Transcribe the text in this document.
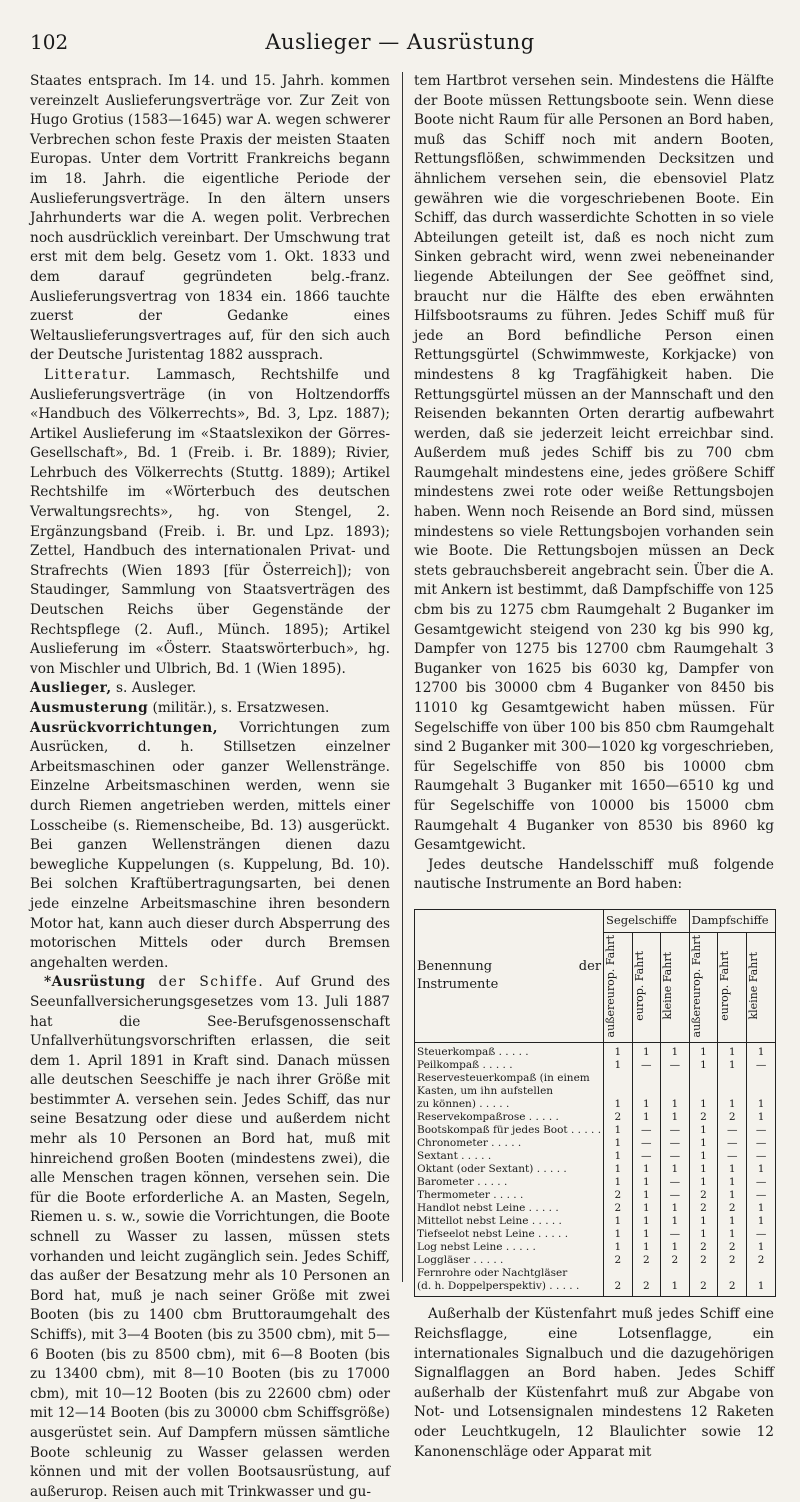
102	Auslieger — Ausrüstung

Staates entsprach. Im 14. und 15. Jahrh. kommen vereinzelt Auslieferungsverträge vor. Zur Zeit von Hugo Grotius (1583—1645) war A. wegen schwerer Verbrechen schon feste Praxis der meisten Staaten Europas. Unter dem Vortritt Frankreichs begann im 18. Jahrh. die eigentliche Periode der Auslieferungsverträge. In den ältern unsers Jahrhunderts war die A. wegen polit. Verbrechen noch ausdrücklich vereinbart. Der Umschwung trat erst mit dem belg. Gesetz vom 1. Okt. 1833 und dem darauf gegründeten belg.-franz. Auslieferungsvertrag von 1834 ein. 1866 tauchte zuerst der Gedanke eines Weltauslieferungsvertrages auf, für den sich auch der Deutsche Juristentag 1882 aussprach.

Litteratur. Lammasch, Rechtshilfe und Auslieferungsverträge (in von Holtzendorffs «Handbuch des Völkerrechts», Bd. 3, Lpz. 1887); Artikel Auslieferung im «Staatslexikon der Görres-Gesellschaft», Bd. 1 (Freib. i. Br. 1889); Rivier, Lehrbuch des Völkerrechts (Stuttg. 1889); Artikel Rechtshilfe im «Wörterbuch des deutschen Verwaltungsrechts», hg. von Stengel, 2. Ergänzungsband (Freib. i. Br. und Lpz. 1893); Zettel, Handbuch des internationalen Privat- und Strafrechts (Wien 1893 [für Österreich]); von Staudinger, Sammlung von Staatsverträgen des Deutschen Reichs über Gegenstände der Rechtspflege (2. Aufl., Münch. 1895); Artikel Auslieferung im «Österr. Staatswörterbuch», hg. von Mischler und Ulbrich, Bd. 1 (Wien 1895).

Auslieger, s. Ausleger.

Ausmusterung (militär.), s. Ersatzwesen.

Ausrückvorrichtungen, Vorrichtungen zum Ausrücken, d. h. Stillsetzen einzelner Arbeitsmaschinen oder ganzer Wellenstränge. Einzelne Arbeitsmaschinen werden, wenn sie durch Riemen angetrieben werden, mittels einer Losscheibe (s. Riemenscheibe, Bd. 13) ausgerückt. Bei ganzen Wellensträngen dienen dazu bewegliche Kuppelungen (s. Kuppelung, Bd. 10). Bei solchen Kraftübertragungsarten, bei denen jede einzelne Arbeitsmaschine ihren besondern Motor hat, kann auch dieser durch Absperrung des motorischen Mittels oder durch Bremsen angehalten werden.

*Ausrüstung der Schiffe. Auf Grund des Seeunfallversicherungsgesetzes vom 13. Juli 1887 hat die See-Berufsgenossenschaft Unfallverhütungsvorschriften erlassen, die seit dem 1. April 1891 in Kraft sind. Danach müssen alle deutschen Seeschiffe je nach ihrer Größe mit bestimmter A. versehen sein. Jedes Schiff, das nur seine Besatzung oder diese und außerdem nicht mehr als 10 Personen an Bord hat, muß mit hinreichend großen Booten (mindestens zwei), die alle Menschen tragen können, versehen sein. Die für die Boote erforderliche A. an Masten, Segeln, Riemen u. s. w., sowie die Vorrichtungen, die Boote schnell zu Wasser zu lassen, müssen stets vorhanden und leicht zugänglich sein. Jedes Schiff, das außer der Besatzung mehr als 10 Personen an Bord hat, muß je nach seiner Größe mit zwei Booten (bis zu 1400 cbm Bruttoraumgehalt des Schiffs), mit 3—4 Booten (bis zu 3500 cbm), mit 5—6 Booten (bis zu 8500 cbm), mit 6—8 Booten (bis zu 13400 cbm), mit 8—10 Booten (bis zu 17000 cbm), mit 10—12 Booten (bis zu 22600 cbm) oder mit 12—14 Booten (bis zu 30000 cbm Schiffsgröße) ausgerüstet sein. Auf Dampfern müssen sämtliche Boote schleunig zu Wasser gelassen werden können und mit der vollen Bootsausrüstung, auf außerurop. Reisen auch mit Trinkwasser und gu-

tem Hartbrot versehen sein. Mindestens die Hälfte der Boote müssen Rettungsboote sein. Wenn diese Boote nicht Raum für alle Personen an Bord haben, muß das Schiff noch mit andern Booten, Rettungsflößen, schwimmenden Decksitzen und ähnlichem versehen sein, die ebensoviel Platz gewähren wie die vorgeschriebenen Boote. Ein Schiff, das durch wasserdichte Schotten in so viele Abteilungen geteilt ist, daß es noch nicht zum Sinken gebracht wird, wenn zwei nebeneinander liegende Abteilungen der See geöffnet sind, braucht nur die Hälfte des eben erwähnten Hilfsbootsraums zu führen. Jedes Schiff muß für jede an Bord befindliche Person einen Rettungsgürtel (Schwimmweste, Korkjacke) von mindestens 8 kg Tragfähigkeit haben. Die Rettungsgürtel müssen an der Mannschaft und den Reisenden bekannten Orten derartig aufbewahrt werden, daß sie jederzeit leicht erreichbar sind. Außerdem muß jedes Schiff bis zu 700 cbm Raumgehalt mindestens eine, jedes größere Schiff mindestens zwei rote oder weiße Rettungsbojen haben. Wenn noch Reisende an Bord sind, müssen mindestens so viele Rettungsbojen vorhanden sein wie Boote. Die Rettungsbojen müssen an Deck stets gebrauchsbereit angebracht sein. Über die A. mit Ankern ist bestimmt, daß Dampfschiffe von 125 cbm bis zu 1275 cbm Raumgehalt 2 Buganker im Gesamtgewicht steigend von 230 kg bis 990 kg, Dampfer von 1275 bis 12700 cbm Raumgehalt 3 Buganker von 1625 bis 6030 kg, Dampfer von 12700 bis 30000 cbm 4 Buganker von 8450 bis 11010 kg Gesamtgewicht haben müssen. Für Segelschiffe von über 100 bis 850 cbm Raumgehalt sind 2 Buganker mit 300—1020 kg vorgeschrieben, für Segelschiffe von 850 bis 10000 cbm Raumgehalt 3 Buganker mit 1650—6510 kg und für Segelschiffe von 10000 bis 15000 cbm Raumgehalt 4 Buganker von 8530 bis 8960 kg Gesamtgewicht.

Jedes deutsche Handelsschiff muß folgende nautische Instrumente an Bord haben:

Benennung der Instrumente	Segelschiffe			Dampfschiffe		
	außereurop. Fahrt	europ. Fahrt	kleine Fahrt	außereurop. Fahrt	europ. Fahrt	kleine Fahrt
Steuerkompaß . . . . .	1	1	1	1	1	1
Peilkompaß . . . . .	1	—	—	1	1	—
Reservesteuerkompaß (in einem						
Kasten, um ihn aufstellen						
zu können) . . . . .	1	1	1	1	1	1
Reservekompaßrose . . . . .	2	1	1	2	2	1
Bootskompaß für jedes Boot . . . . .	1	—	—	1	—	—
Chronometer . . . . .	1	—	—	1	—	—
Sextant . . . . .	1	—	—	1	—	—
Oktant (oder Sextant) . . . . .	1	1	1	1	1	1
Barometer . . . . .	1	1	—	1	1	—
Thermometer . . . . .	2	1	—	2	1	—
Handlot nebst Leine . . . . .	2	1	1	2	2	1
Mittellot nebst Leine . . . . .	1	1	1	1	1	1
Tiefseelot nebst Leine . . . . .	1	1	—	1	1	—
Log nebst Leine . . . . .	1	1	1	2	2	1
Loggläser . . . . .	2	2	2	2	2	2
Fernrohre oder Nachtgläser						
(d. h. Doppelperspektiv) . . . . .	2	2	1	2	2	1

Außerhalb der Küstenfahrt muß jedes Schiff eine Reichsflagge, eine Lotsenflagge, ein internationales Signalbuch und die dazugehörigen Signalflaggen an Bord haben. Jedes Schiff außerhalb der Küstenfahrt muß zur Abgabe von Not- und Lotsensignalen mindestens 12 Raketen oder Leuchtkugeln, 12 Blaulichter sowie 12 Kanonenschläge oder Apparat mit
